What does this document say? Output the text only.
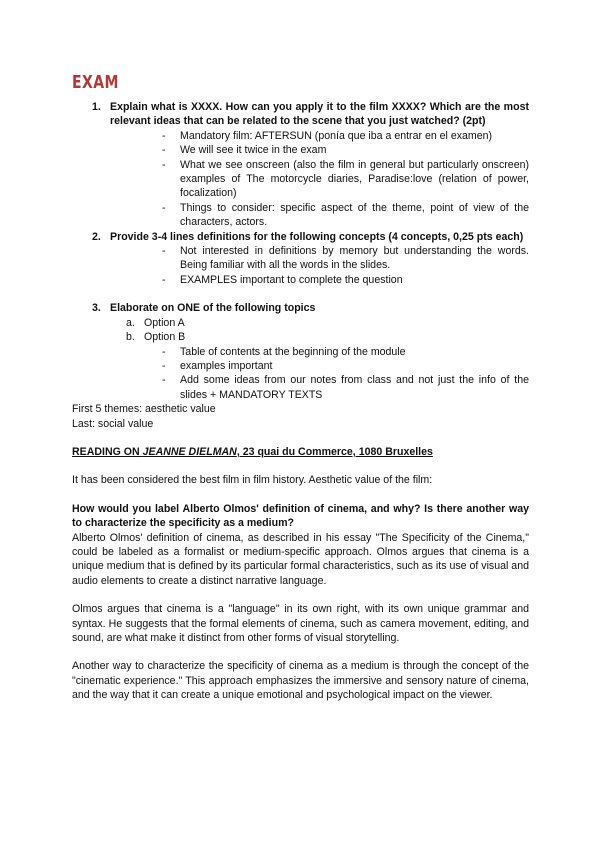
EXAM
1. Explain what is XXXX. How can you apply it to the film XXXX? Which are the most relevant ideas that can be related to the scene that you just watched? (2pt)
-	Mandatory film: AFTERSUN (ponía que iba a entrar en el examen)
-	We will see it twice in the exam
-	What we see onscreen (also the film in general but particularly onscreen) examples of The motorcycle diaries, Paradise:love (relation of power, focalization)
-	Things to consider: specific aspect of the theme, point of view of the characters, actors.
2. Provide 3-4 lines definitions for the following concepts (4 concepts, 0,25 pts each)
-	Not interested in definitions by memory but understanding the words. Being familiar with all the words in the slides.
-	EXAMPLES important to complete the question
3. Elaborate on ONE of the following topics
a. Option A
b. Option B
-	Table of contents at the beginning of the module
-	examples important
-	Add some ideas from our notes from class and not just the info of the slides + MANDATORY TEXTS
First 5 themes: aesthetic value
Last: social value
READING ON JEANNE DIELMAN, 23 quai du Commerce, 1080 Bruxelles
It has been considered the best film in film history. Aesthetic value of the film:
How would you label Alberto Olmos' definition of cinema, and why? Is there another way to characterize the specificity as a medium?
Alberto Olmos' definition of cinema, as described in his essay "The Specificity of the Cinema," could be labeled as a formalist or medium-specific approach. Olmos argues that cinema is a unique medium that is defined by its particular formal characteristics, such as its use of visual and audio elements to create a distinct narrative language.
Olmos argues that cinema is a "language" in its own right, with its own unique grammar and syntax. He suggests that the formal elements of cinema, such as camera movement, editing, and sound, are what make it distinct from other forms of visual storytelling.
Another way to characterize the specificity of cinema as a medium is through the concept of the "cinematic experience." This approach emphasizes the immersive and sensory nature of cinema, and the way that it can create a unique emotional and psychological impact on the viewer.
